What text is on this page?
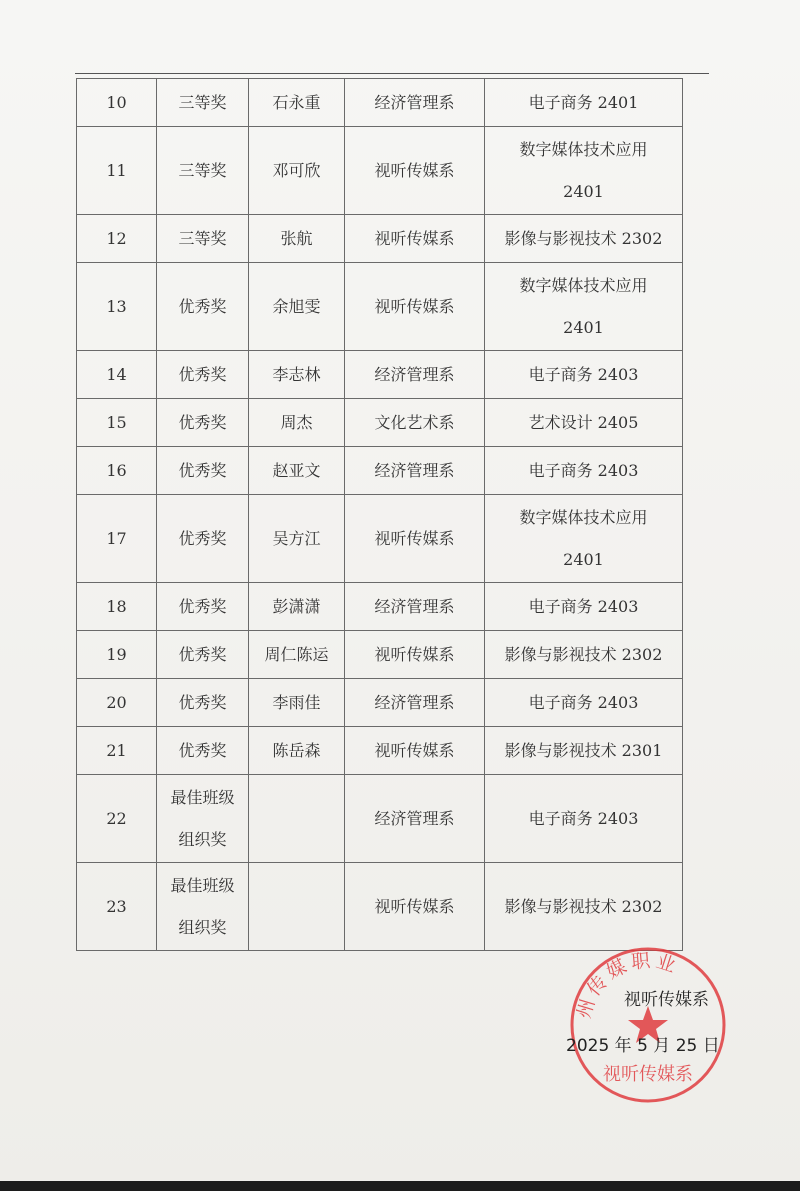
10	三等奖	石永重	经济管理系	电子商务 2401
11	三等奖	邓可欣	视听传媒系	数字媒体技术应用
2401
12	三等奖	张航	视听传媒系	影像与影视技术 2302
13	优秀奖	余旭雯	视听传媒系	数字媒体技术应用
2401
14	优秀奖	李志林	经济管理系	电子商务 2403
15	优秀奖	周杰	文化艺术系	艺术设计 2405
16	优秀奖	赵亚文	经济管理系	电子商务 2403
17	优秀奖	吴方江	视听传媒系	数字媒体技术应用
2401
18	优秀奖	彭潇潇	经济管理系	电子商务 2403
19	优秀奖	周仁陈运	视听传媒系	影像与影视技术 2302
20	优秀奖	李雨佳	经济管理系	电子商务 2403
21	优秀奖	陈岳森	视听传媒系	影像与影视技术 2301
22	最佳班级
组织奖		经济管理系	电子商务 2403
23	最佳班级
组织奖		视听传媒系	影像与影视技术 2302
州传媒职业
视听传媒系
视听传媒系
2025 年 5 月 25 日
